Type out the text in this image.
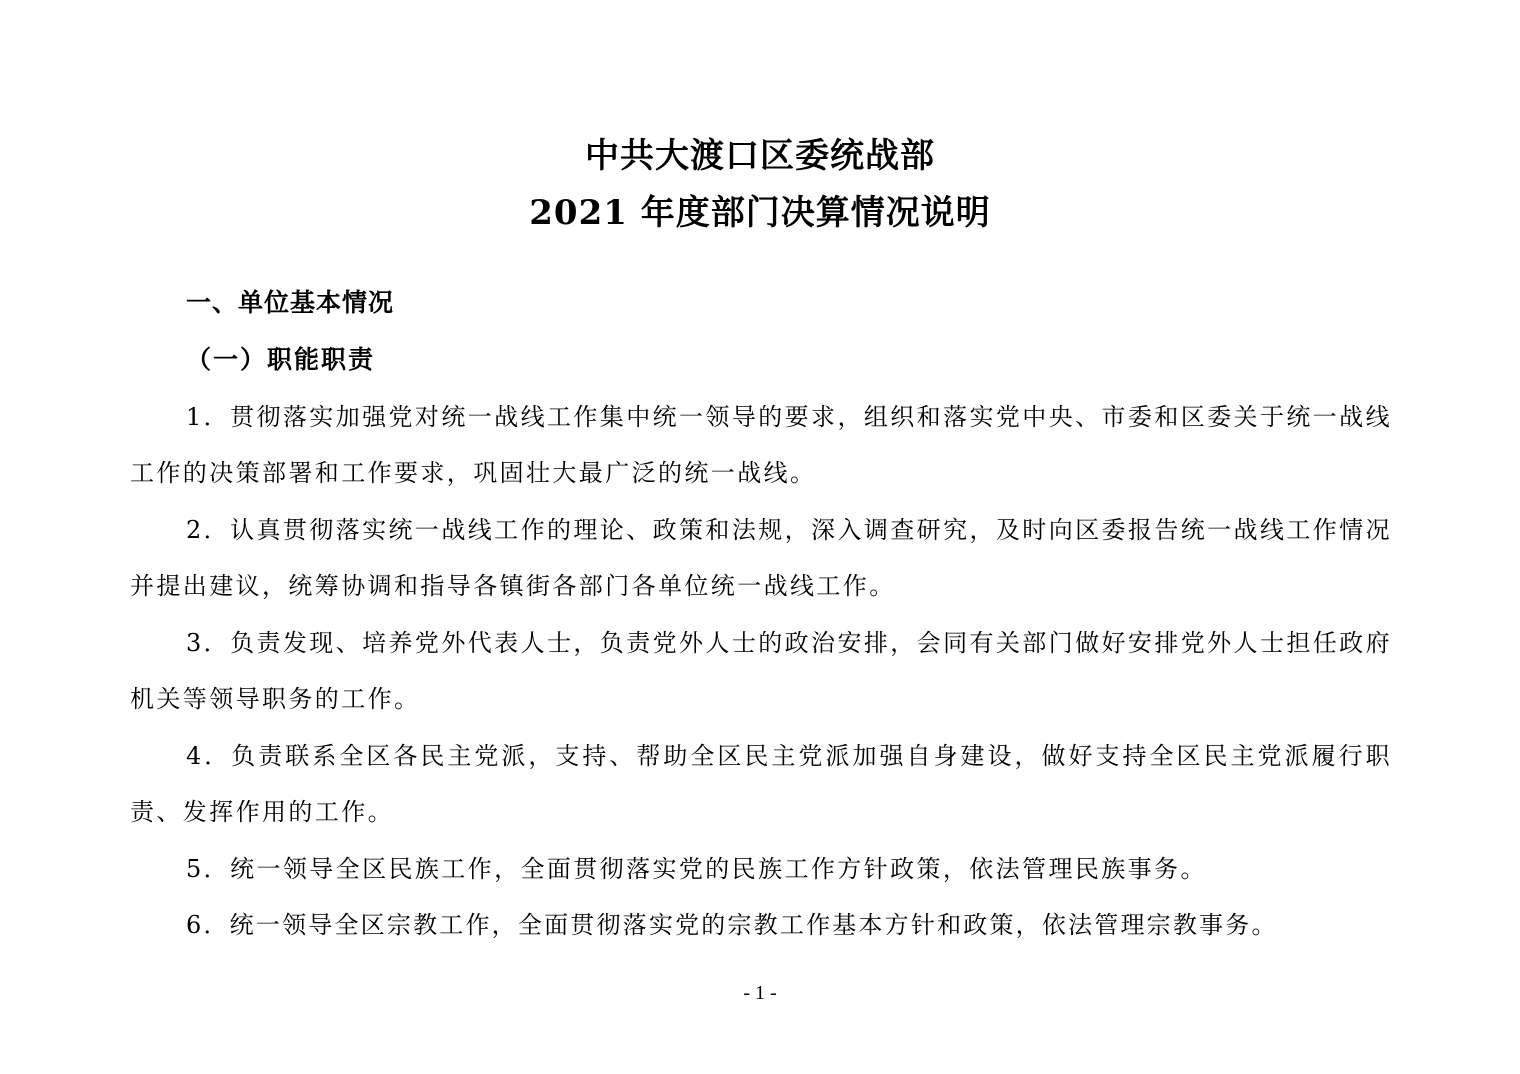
中共大渡口区委统战部
2021 年度部门决算情况说明
一、单位基本情况
（一）职能职责

1．贯彻落实加强党对统一战线工作集中统一领导的要求，组织和落实党中央、市委和区委关于统一战线工作的决策部署和工作要求，巩固壮大最广泛的统一战线。

2．认真贯彻落实统一战线工作的理论、政策和法规，深入调查研究，及时向区委报告统一战线工作情况并提出建议，统筹协调和指导各镇街各部门各单位统一战线工作。

3．负责发现、培养党外代表人士，负责党外人士的政治安排，会同有关部门做好安排党外人士担任政府机关等领导职务的工作。

4．负责联系全区各民主党派，支持、帮助全区民主党派加强自身建设，做好支持全区民主党派履行职责、发挥作用的工作。

5．统一领导全区民族工作，全面贯彻落实党的民族工作方针政策，依法管理民族事务。

6．统一领导全区宗教工作，全面贯彻落实党的宗教工作基本方针和政策，依法管理宗教事务。

- 1 -
